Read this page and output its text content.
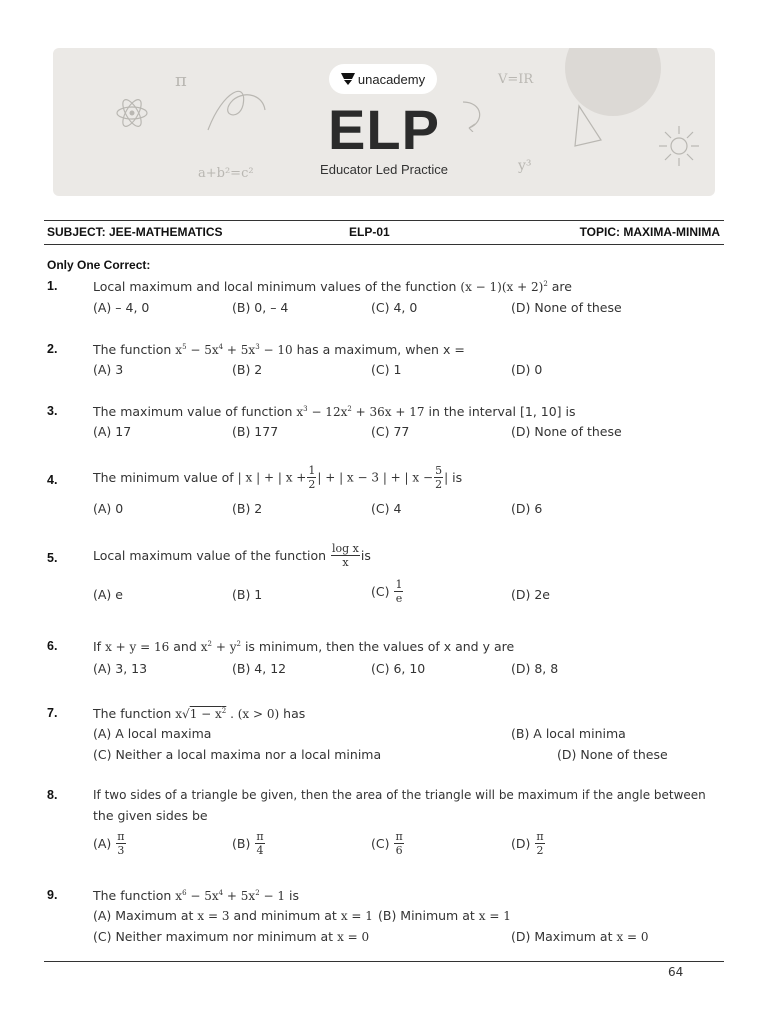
π
a+b²=c²
unacademy
ELP
Educator Led Practice
V=IR
y³
SUBJECT: JEE-MATHEMATICS	ELP-01	TOPIC: MAXIMA-MINIMA
Only One Correct:
1.	Local maximum and local minimum values of the function $(x - 1)(x + 2)^2$ are
(A) – 4, 0	(B) 0, – 4	(C) 4, 0	(D) None of these
2.	The function $x^5 - 5x^4 + 5x^3 - 10$ has a maximum, when x =
(A) 3	(B) 2	(C) 1	(D) 0
3.	The maximum value of function $x^3 - 12x^2 + 36x + 17$ in the interval [1, 10] is
(A) 17	(B) 177	(C) 77	(D) None of these
4.	The minimum value of | x | + | $x + \frac{1}{2}$ | + | x − 3 | + | $x - \frac{5}{2}$ | is
(A) 0	(B) 2	(C) 4	(D) 6
5.	Local maximum value of the function $\frac{\text{log x}}{x}$ is
(A) e	(B) 1	$(C) \frac{1}{e}$	(D) 2e
6.	If x + y = 16 and $x^2 + y^2$ is minimum, then the values of x and y are
(A) 3, 13	(B) 4, 12	(C) 6, 10	(D) 8, 8
7.	The function $x√1 - x^2$ . (x > 0) has
(A) A local maxima	(B) A local minima
(C) Neither a local maxima nor a local minima	(D) None of these
8.	If two sides of a triangle be given, then the area of the triangle will be maximum if the angle between
the given sides be
$(A) \frac{\pi}{3}$	$(B) \frac{\pi}{4}$	$(C) \frac{\pi}{6}$	$(D) \frac{\pi}{2}$
9.	The function $x^6 - 5x^4 + 5x^2 - 1$ is
(A) Maximum at x = 3 and minimum at x = 1 (B) Minimum at x = 1
(C) Neither maximum nor minimum at x = 0	(D) Maximum at x = 0
64
